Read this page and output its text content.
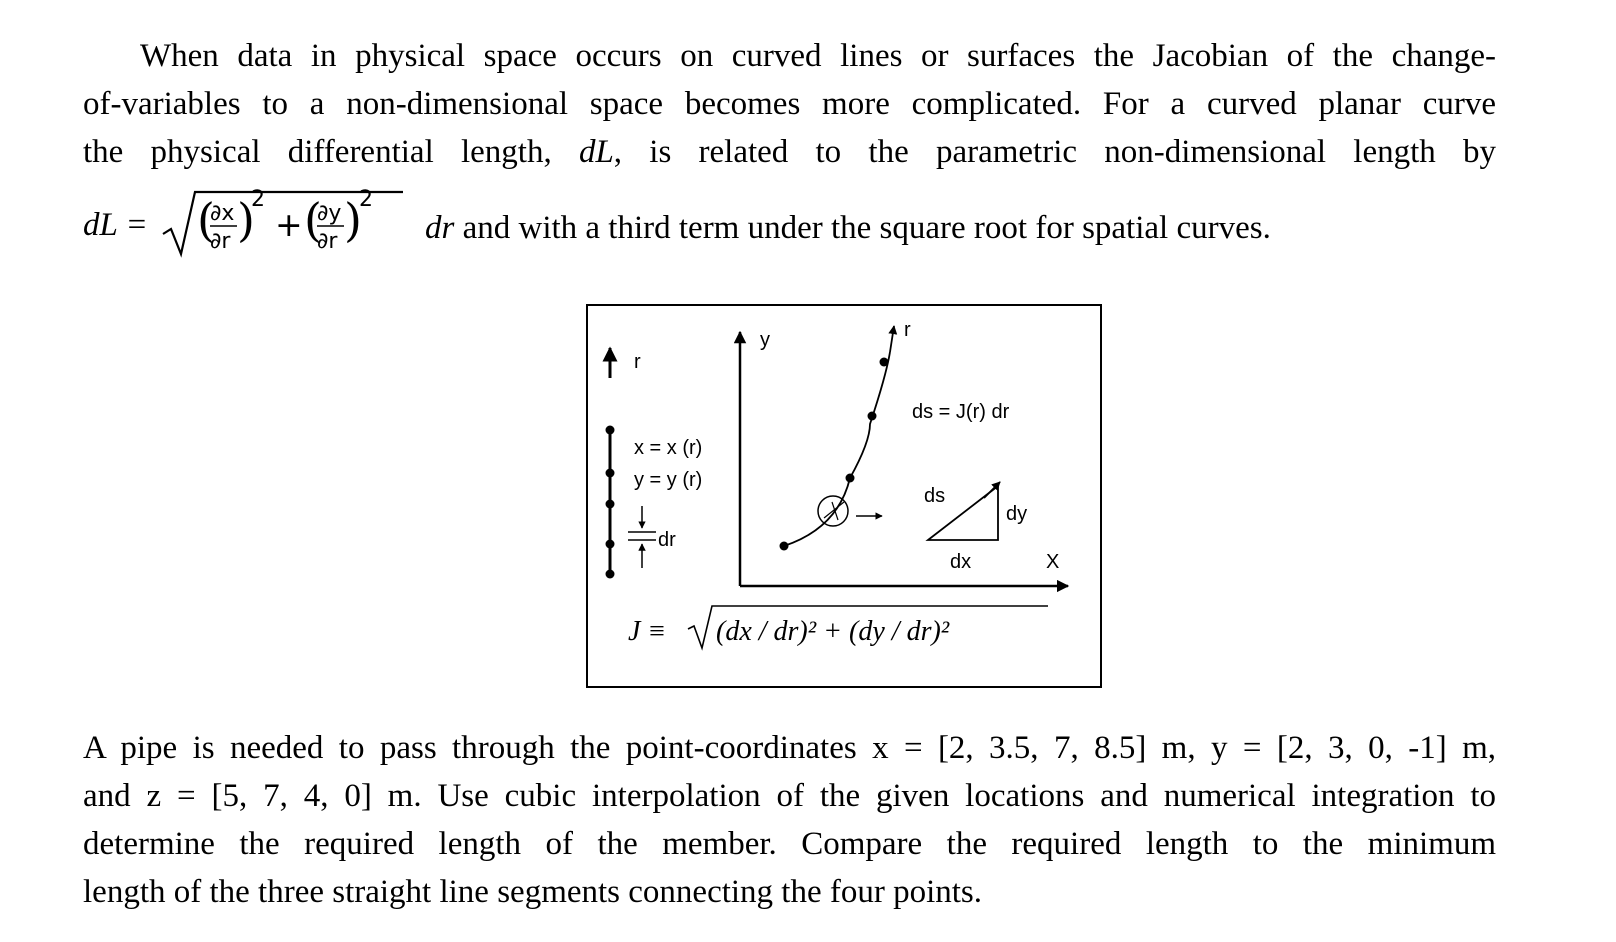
When data in physical space occurs on curved lines or surfaces the Jacobian of the change-
of-variables to a non-dimensional space becomes more complicated. For a curved planar curve
the physical differential length, dL, is related to the parametric non-dimensional length by
dL = (
∂x
∂r )
2
+ (
∂y
∂r )
2
dr and with a third term under the square root for spatial curves.
r
x = x (r)
y = y (r)
dr
y
X
r
ds = J(r) dr
ds
dy
dx
J ≡ (dx / dr)² + (dy / dr)²
A pipe is needed to pass through the point-coordinates x = [2, 3.5, 7, 8.5] m, y = [2, 3, 0, -1] m,
and z = [5, 7, 4, 0] m. Use cubic interpolation of the given locations and numerical integration to
determine the required length of the member. Compare the required length to the minimum
length of the three straight line segments connecting the four points.
